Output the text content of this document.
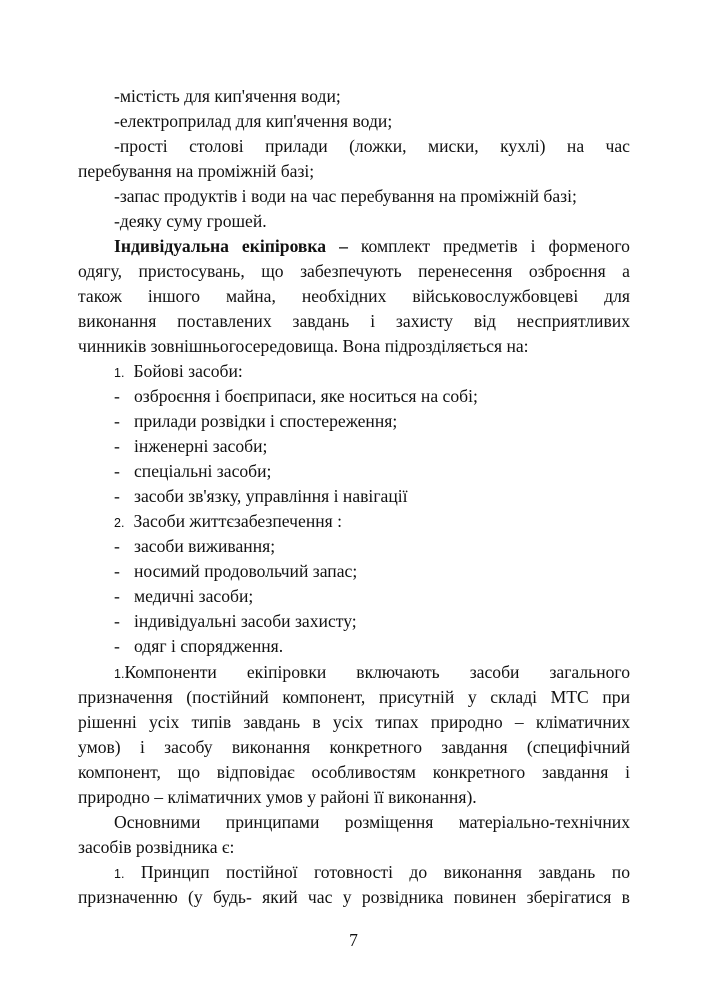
-містість для кип'ячення води;
-електроприлад для кип'ячення води;
-прості столові прилади (ложки, миски, кухлі) на час
перебування на проміжній базі;
-запас продуктів і води на час перебування на проміжній базі;
-деяку суму грошей.
Індивідуальна екіпіровка – комплект предметів і форменого
одягу, пристосувань, що забезпечують перенесення озброєння а
також іншого майна, необхідних військовослужбовцеві для
виконання поставлених завдань і захисту від несприятливих
чинників зовнішньогосередовища. Вона підрозділяється на:
1. Бойові засоби:
- озброєння і боєприпаси, яке носиться на собі;
- прилади розвідки і спостереження;
- інженерні засоби;
- спеціальні засоби;
- засоби зв'язку, управління і навігації
2. Засоби життєзабезпечення :
- засоби виживання;
- носимий продовольчий запас;
- медичні засоби;
- індивідуальні засоби захисту;
- одяг і спорядження.
1.Компоненти екіпіровки включають засоби загального
призначення (постійний компонент, присутній у складі МТС при
рішенні усіх типів завдань в усіх типах природно – кліматичних
умов) і засобу виконання конкретного завдання (специфічний
компонент, що відповідає особливостям конкретного завдання і
природно – кліматичних умов у районі її виконання).
Основними принципами розміщення матеріально-технічних
засобів розвідника є:
1. Принцип постійної готовності до виконання завдань по
призначенню (у будь- який час у розвідника повинен зберігатися в
7
